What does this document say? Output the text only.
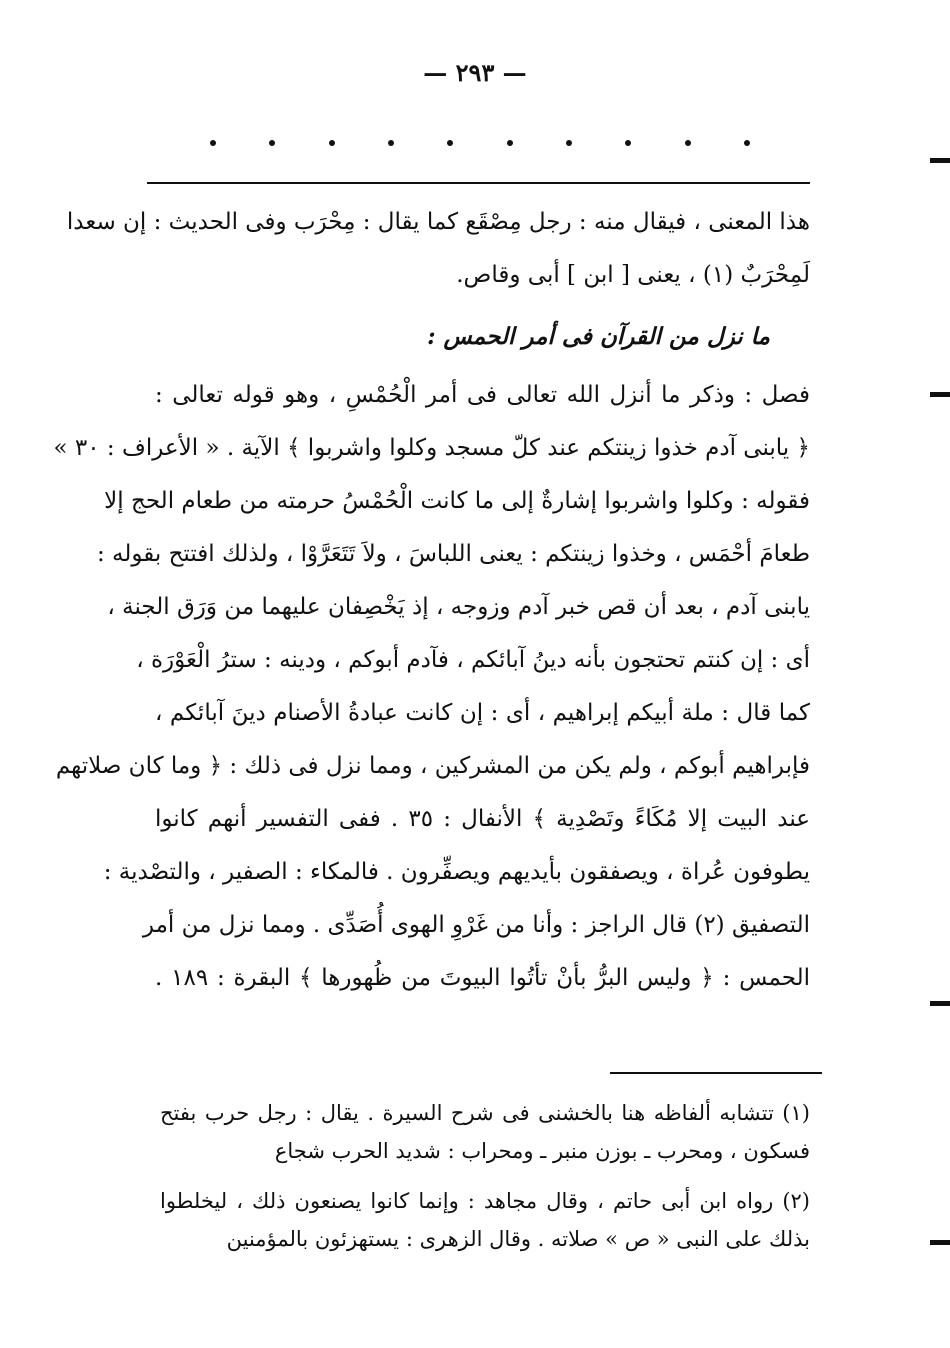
— ٢٩٣ —
هذا المعنى ، فيقال منه : رجل مِصْقَع كما يقال : مِحْرَب وفى الحديث : إن سعدا
لَمِحْرَبٌ (١) ، يعنى [ ابن ] أبى وقاص.
ما نزل من القرآن فى أمر الحمس :
فصل : وذكر ما أنزل الله تعالى فى أمر الْحُمْسِ ، وهو قوله تعالى :
﴿ يابنى آدم خذوا زينتكم عند كلّ مسجد وكلوا واشربوا ﴾ الآية . « الأعراف : ٣٠ »
فقوله : وكلوا واشربوا إشارةٌ إلى ما كانت الْحُمْسُ حرمته من طعام الحج إلا
طعامَ أحْمَس ، وخذوا زينتكم : يعنى اللباسَ ، ولاَ تَتَعَرَّوْا ، ولذلك افتتح بقوله :
يابنى آدم ، بعد أن قص خبر آدم وزوجه ، إذ يَخْصِفان عليهما من وَرَق الجنة ،
أى : إن كنتم تحتجون بأنه دينُ آبائكم ، فآدم أبوكم ، ودينه : سترُ الْعَوْرَة ،
كما قال : ملة أبيكم إبراهيم ، أى : إن كانت عبادةُ الأصنام دينَ آبائكم ،
فإبراهيم أبوكم ، ولم يكن من المشركين ، ومما نزل فى ذلك : ﴿ وما كان صلاتهم
عند البيت إلا مُكَاءً وتَصْدِية ﴾ الأنفال : ٣٥ . ففى التفسير أنهم كانوا
يطوفون عُراة ، ويصفقون بأيديهم ويصفِّرون . فالمكاء : الصفير ، والتصْدية :
التصفيق (٢) قال الراجز : وأنا من غَرْوِ الهوى أُصَدِّى . ومما نزل من أمر
الحمس : ﴿ وليس البرُّ بأنْ تأتُوا البيوتَ من ظُهورها ﴾ البقرة : ١٨٩ .
(١) تتشابه ألفاظه هنا بالخشنى فى شرح السيرة . يقال : رجل حرب بفتح
فسكون ، ومحرب ـ بوزن منبر ـ ومحراب : شديد الحرب شجاع
(٢) رواه ابن أبى حاتم ، وقال مجاهد : وإنما كانوا يصنعون ذلك ، ليخلطوا
بذلك على النبى « ص » صلاته . وقال الزهرى : يستهزئون بالمؤمنين
